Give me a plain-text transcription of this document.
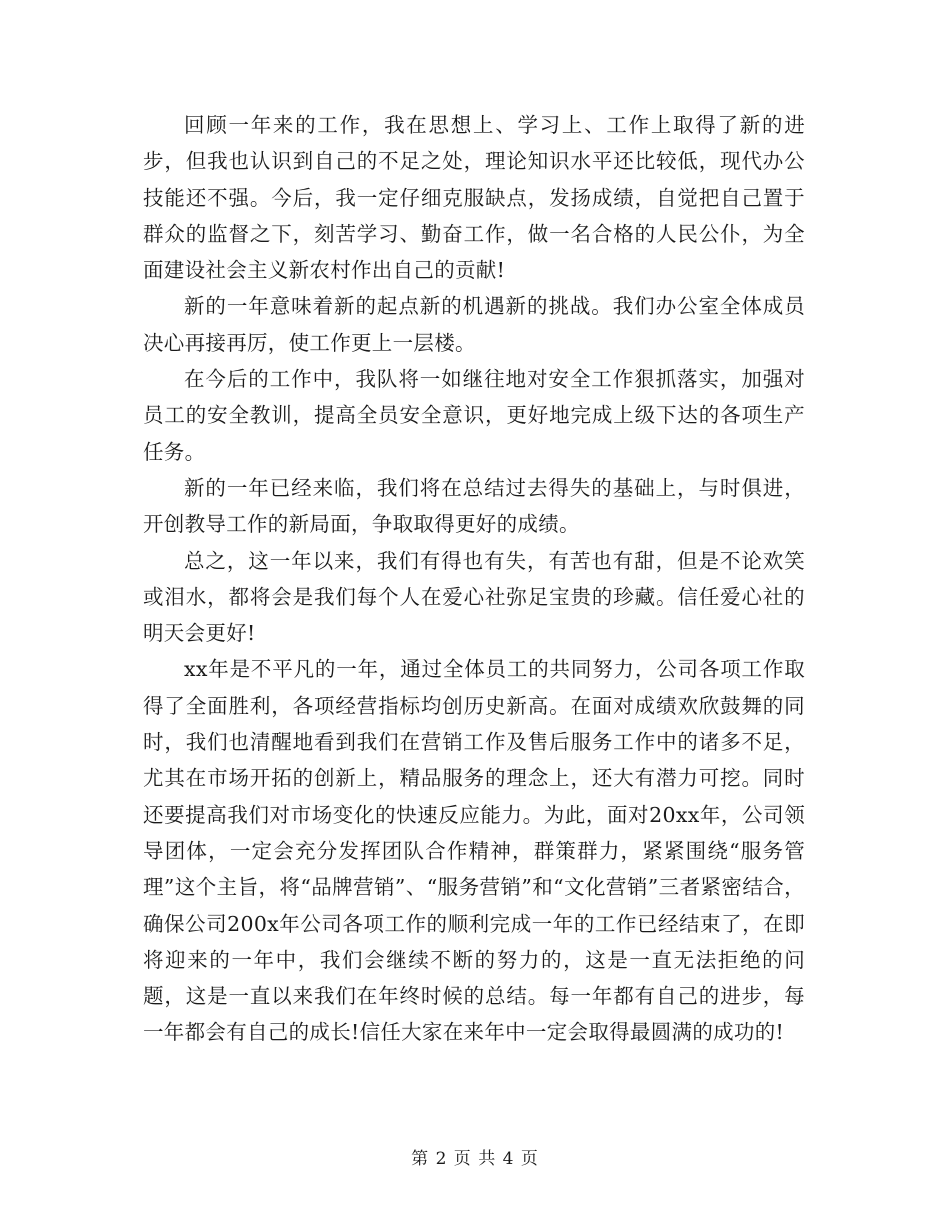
回顾一年来的工作，我在思想上、学习上、工作上取得了新的进步，但我也认识到自己的不足之处，理论知识水平还比较低，现代办公技能还不强。今后，我一定仔细克服缺点，发扬成绩，自觉把自己置于群众的监督之下，刻苦学习、勤奋工作，做一名合格的人民公仆，为全面建设社会主义新农村作出自己的贡献!

新的一年意味着新的起点新的机遇新的挑战。我们办公室全体成员决心再接再厉，使工作更上一层楼。

在今后的工作中，我队将一如继往地对安全工作狠抓落实，加强对员工的安全教训，提高全员安全意识，更好地完成上级下达的各项生产任务。

新的一年已经来临，我们将在总结过去得失的基础上，与时俱进，开创教导工作的新局面，争取取得更好的成绩。

总之，这一年以来，我们有得也有失，有苦也有甜，但是不论欢笑或泪水，都将会是我们每个人在爱心社弥足宝贵的珍藏。信任爱心社的明天会更好!

xx年是不平凡的一年，通过全体员工的共同努力，公司各项工作取得了全面胜利，各项经营指标均创历史新高。在面对成绩欢欣鼓舞的同时，我们也清醒地看到我们在营销工作及售后服务工作中的诸多不足，尤其在市场开拓的创新上，精品服务的理念上，还大有潜力可挖。同时还要提高我们对市场变化的快速反应能力。为此，面对20xx年，公司领导团体，一定会充分发挥团队合作精神，群策群力，紧紧围绕“服务管理”这个主旨，将“品牌营销”、“服务营销”和“文化营销”三者紧密结合，确保公司200x年公司各项工作的顺利完成一年的工作已经结束了，在即将迎来的一年中，我们会继续不断的努力的，这是一直无法拒绝的问题，这是一直以来我们在年终时候的总结。每一年都有自己的进步，每一年都会有自己的成长!信任大家在来年中一定会取得最圆满的成功的!

第 2 页 共 4 页
